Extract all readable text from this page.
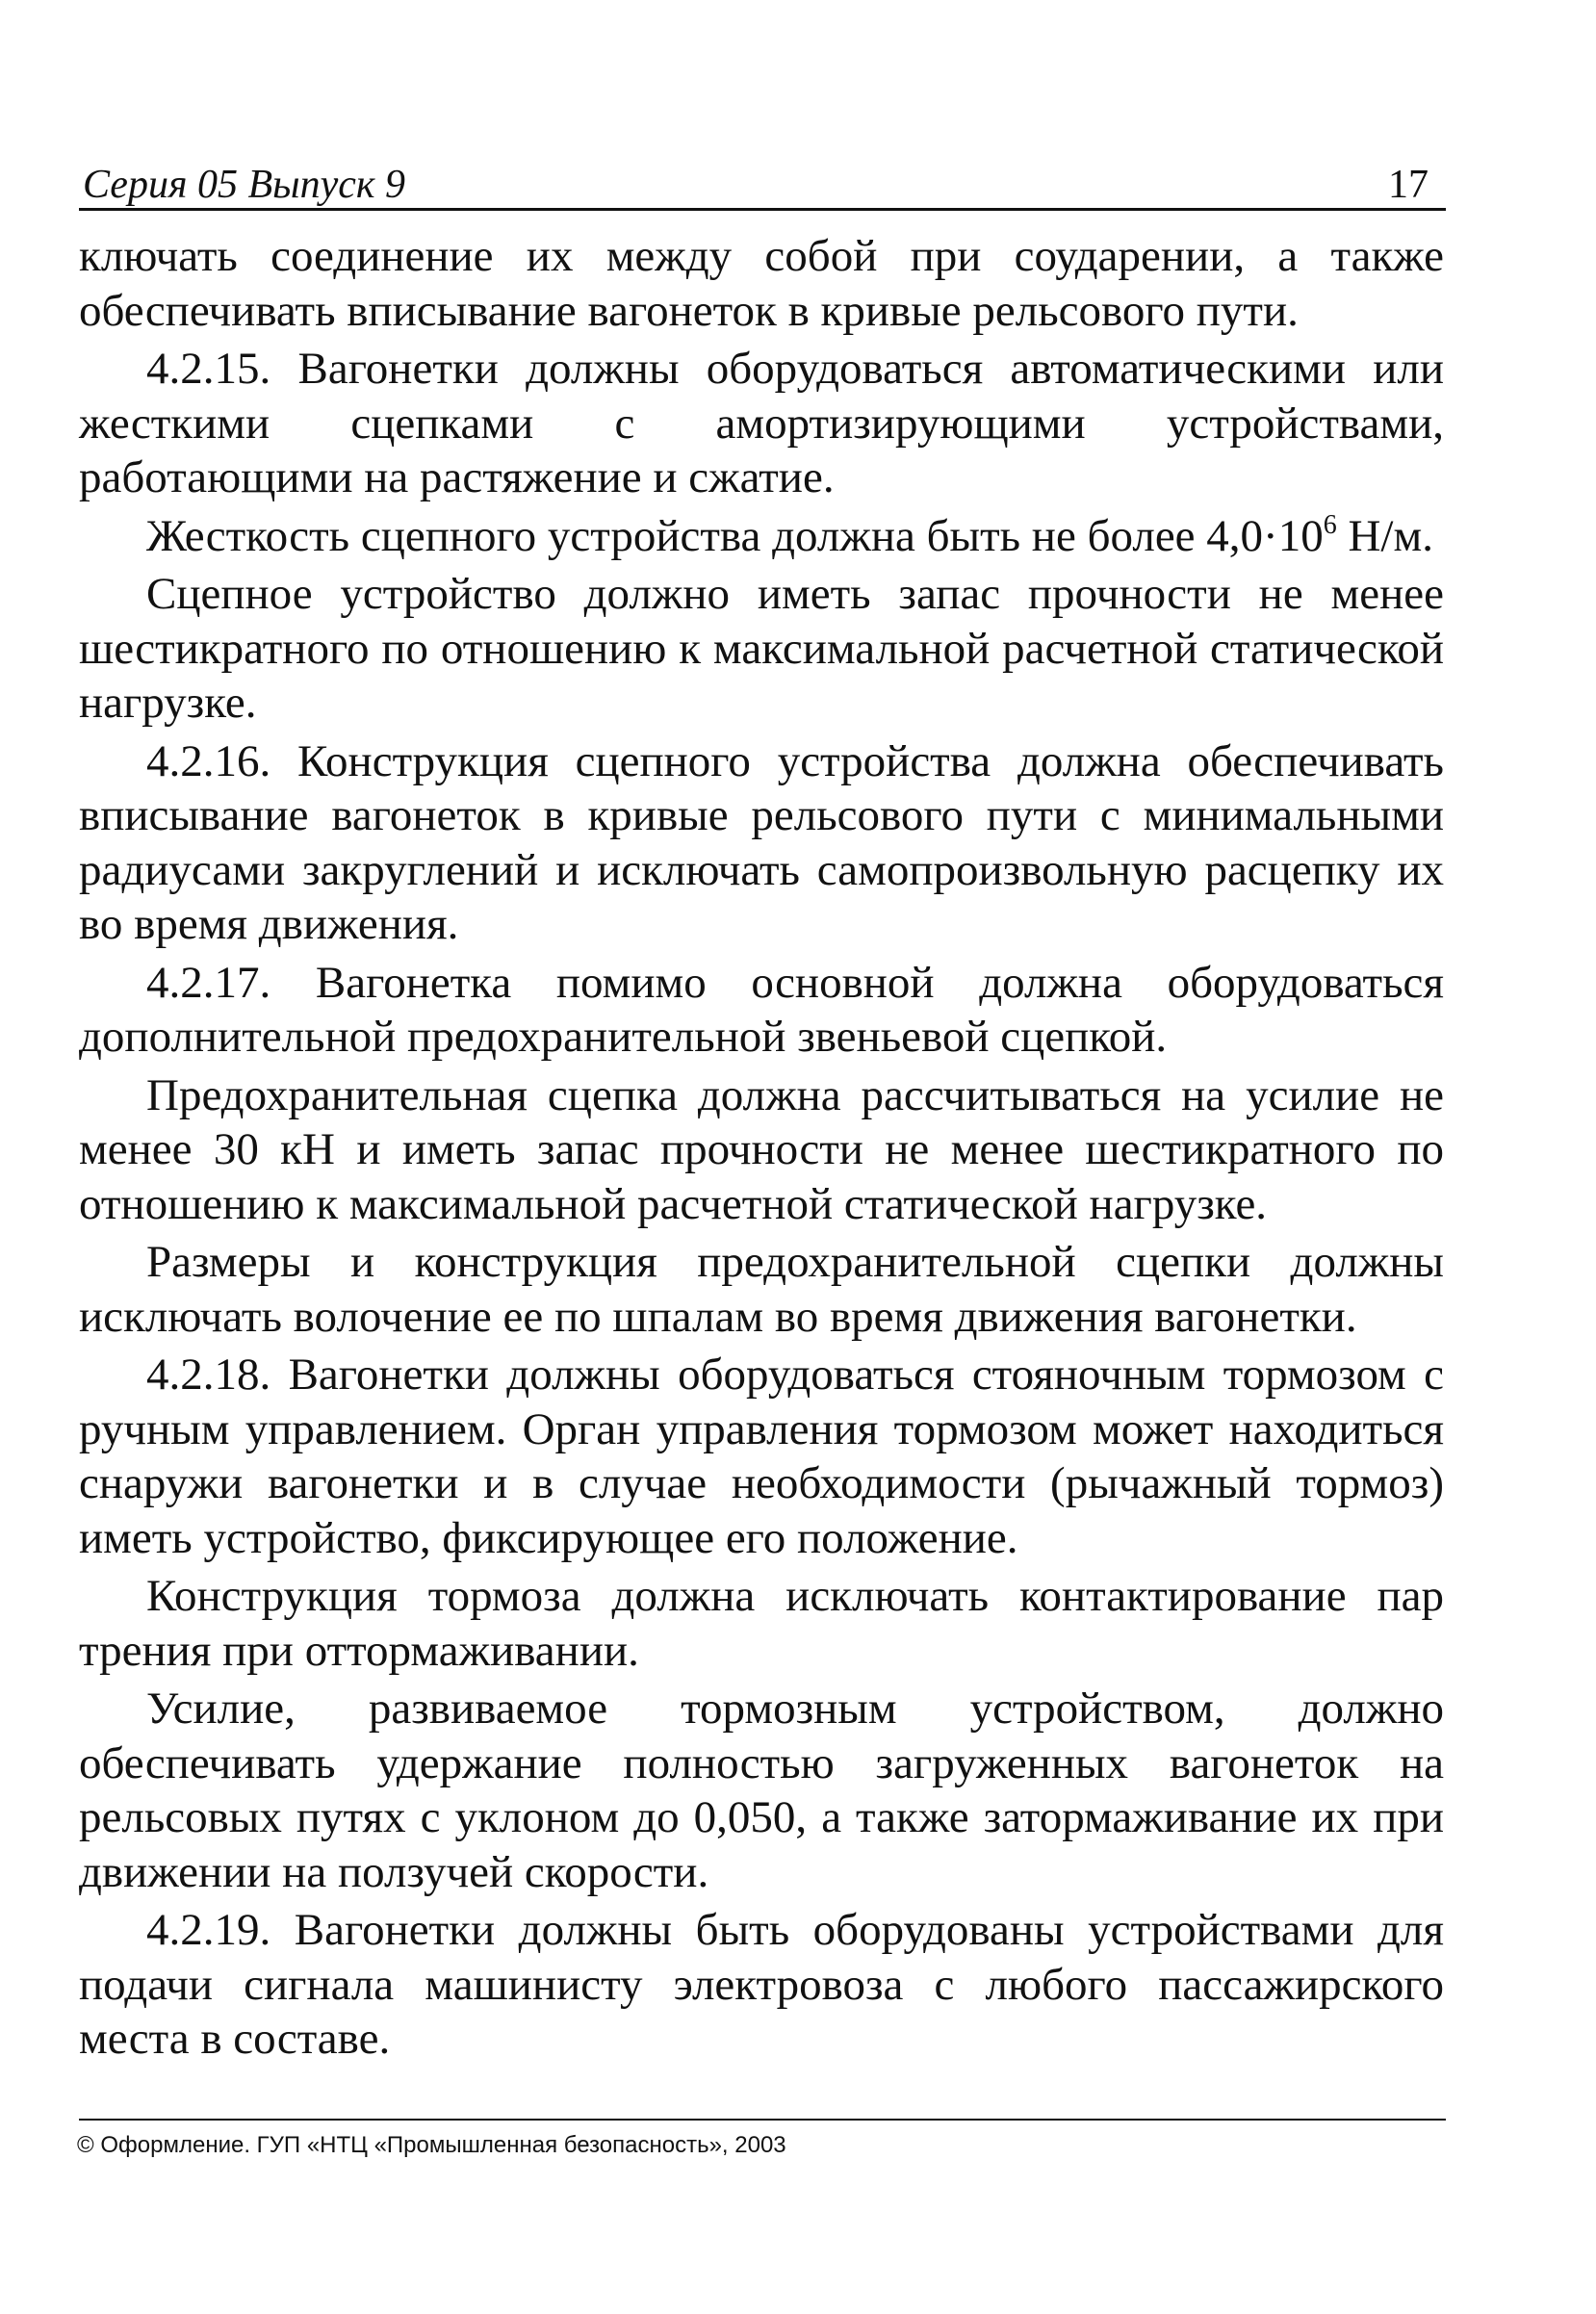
Серия 05 Выпуск 9	17

ключать соединение их между собой при соударении, а также обеспечивать вписывание вагонеток в кривые рельсового пути.

4.2.15. Вагонетки должны оборудоваться автоматическими или жесткими сцепками с амортизирующими устройствами, работающими на растяжение и сжатие.

Жесткость сцепного устройства должна быть не более $4,0\cdot 10^6$ Н/м.

Сцепное устройство должно иметь запас прочности не менее шестикратного по отношению к максимальной расчетной статической нагрузке.

4.2.16. Конструкция сцепного устройства должна обеспечивать вписывание вагонеток в кривые рельсового пути с минимальными радиусами закруглений и исключать самопроизвольную расцепку их во время движения.

4.2.17. Вагонетка помимо основной должна оборудоваться дополнительной предохранительной звеньевой сцепкой.

Предохранительная сцепка должна рассчитываться на усилие не менее 30 кН и иметь запас прочности не менее шестикратного по отношению к максимальной расчетной статической нагрузке.

Размеры и конструкция предохранительной сцепки должны исключать волочение ее по шпалам во время движения вагонетки.

4.2.18. Вагонетки должны оборудоваться стояночным тормозом с ручным управлением. Орган управления тормозом может находиться снаружи вагонетки и в случае необходимости (рычажный тормоз) иметь устройство, фиксирующее его положение.

Конструкция тормоза должна исключать контактирование пар трения при оттормаживании.

Усилие, развиваемое тормозным устройством, должно обеспечивать удержание полностью загруженных вагонеток на рельсовых путях с уклоном до 0,050, а также затормаживание их при движении на ползучей скорости.

4.2.19. Вагонетки должны быть оборудованы устройствами для подачи сигнала машинисту электровоза с любого пассажирского места в составе.

© Оформление. ГУП «НТЦ «Промышленная безопасность», 2003
